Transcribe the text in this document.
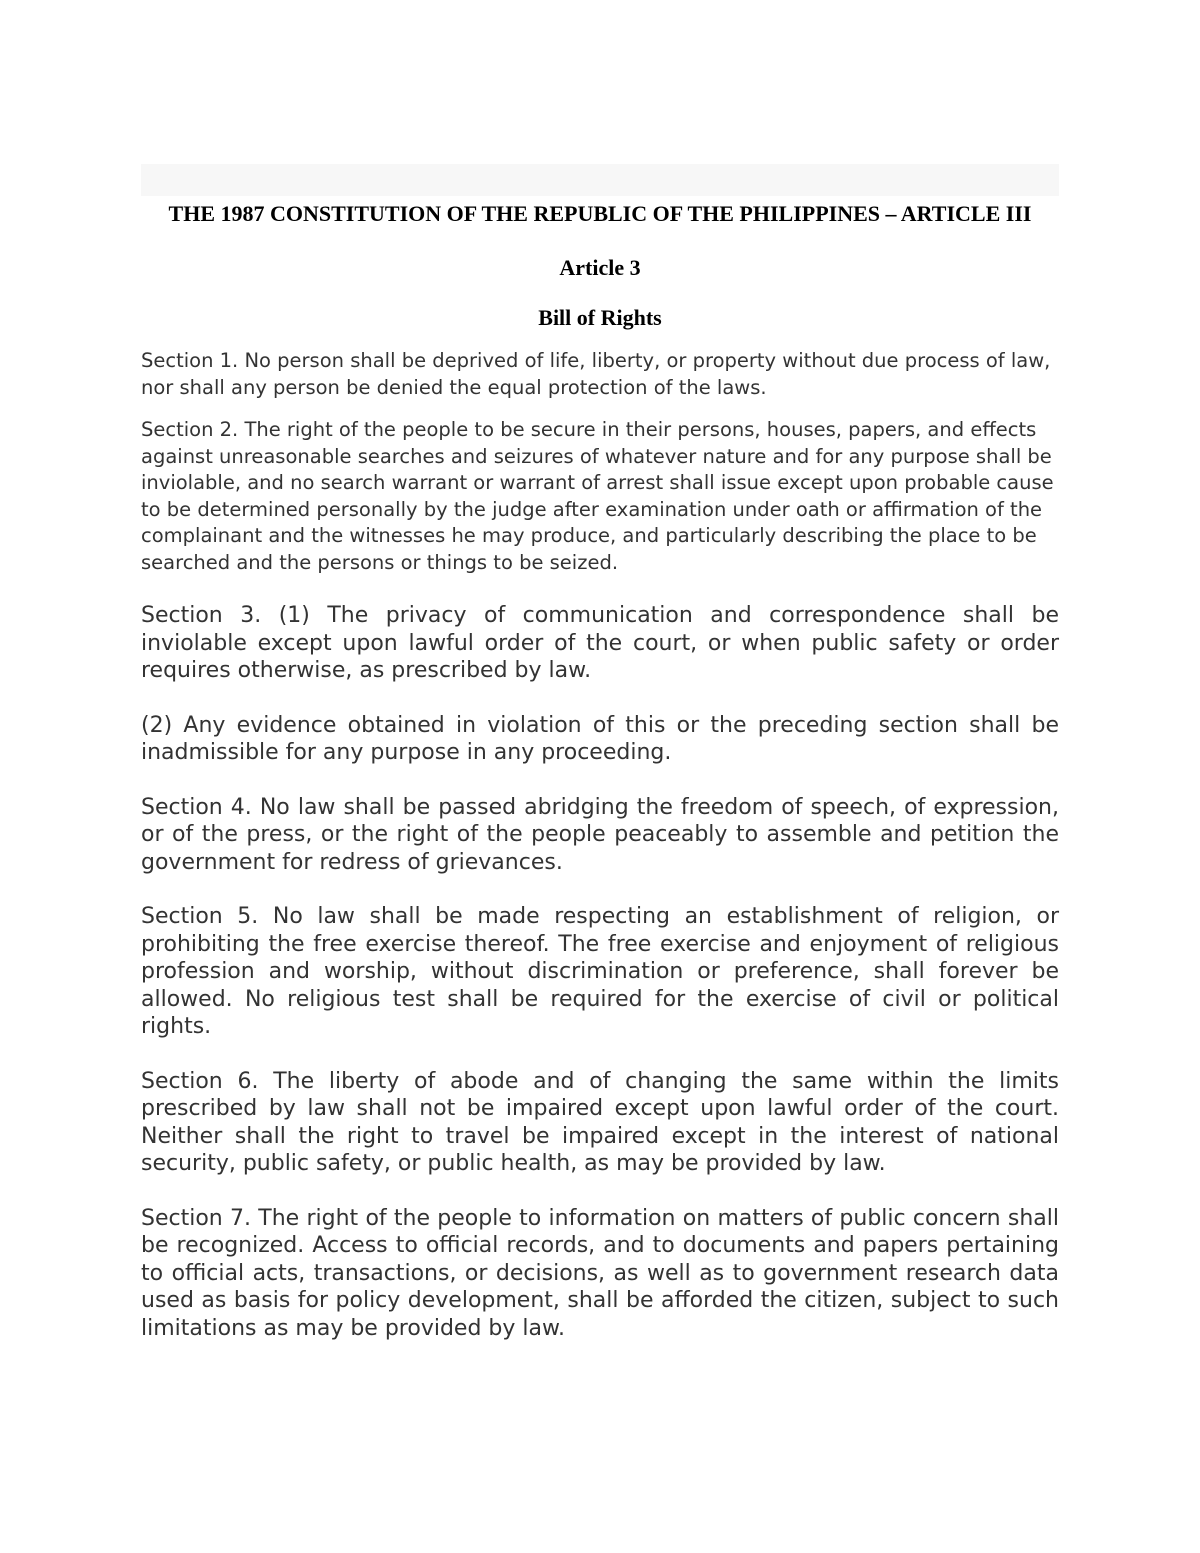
THE 1987 CONSTITUTION OF THE REPUBLIC OF THE PHILIPPINES – ARTICLE III
Article 3
Bill of Rights

Section 1. No person shall be deprived of life, liberty, or property without due process of law, nor shall any person be denied the equal protection of the laws.

Section 2. The right of the people to be secure in their persons, houses, papers, and effects against unreasonable searches and seizures of whatever nature and for any purpose shall be inviolable, and no search warrant or warrant of arrest shall issue except upon probable cause to be determined personally by the judge after examination under oath or affirmation of the complainant and the witnesses he may produce, and particularly describing the place to be searched and the persons or things to be seized.

Section 3. (1) The privacy of communication and correspondence shall be inviolable except upon lawful order of the court, or when public safety or order requires otherwise, as prescribed by law.

(2) Any evidence obtained in violation of this or the preceding section shall be inadmissible for any purpose in any proceeding.

Section 4. No law shall be passed abridging the freedom of speech, of expression, or of the press, or the right of the people peaceably to assemble and petition the government for redress of grievances.

Section 5. No law shall be made respecting an establishment of religion, or prohibiting the free exercise thereof. The free exercise and enjoyment of religious profession and worship, without discrimination or preference, shall forever be allowed. No religious test shall be required for the exercise of civil or political rights.

Section 6. The liberty of abode and of changing the same within the limits prescribed by law shall not be impaired except upon lawful order of the court. Neither shall the right to travel be impaired except in the interest of national security, public safety, or public health, as may be provided by law.

Section 7. The right of the people to information on matters of public concern shall be recognized. Access to official records, and to documents and papers pertaining to official acts, transactions, or decisions, as well as to government research data used as basis for policy development, shall be afforded the citizen, subject to such limitations as may be provided by law.
